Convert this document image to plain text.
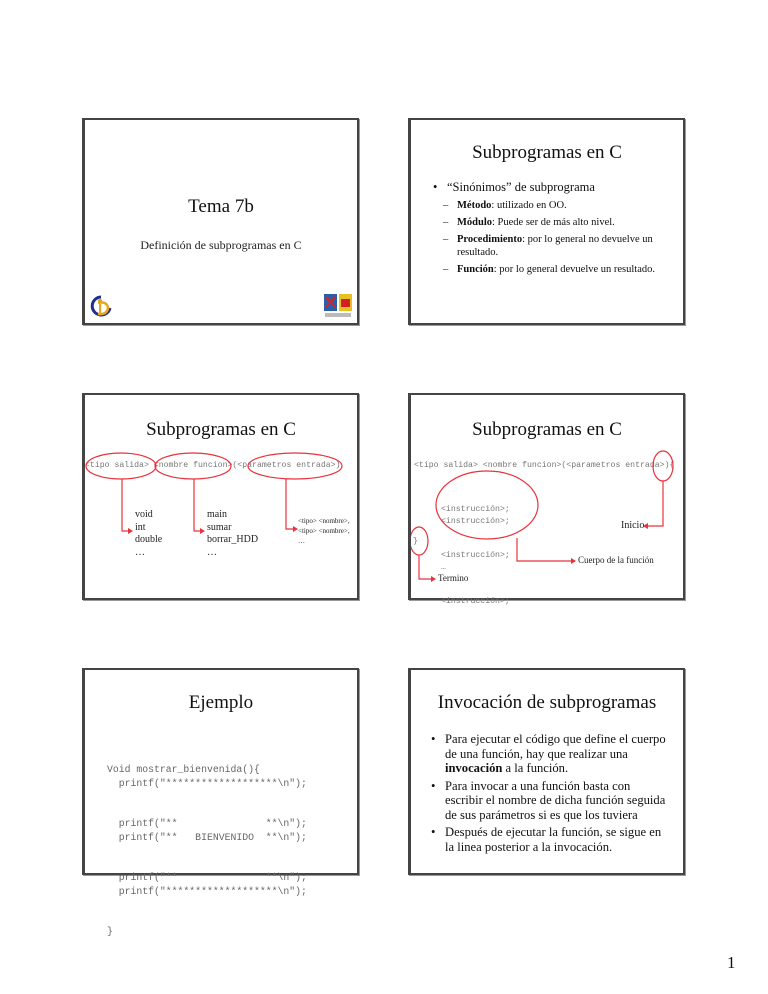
Tema 7b
Definición de subprogramas en C
Subprogramas en C
• “Sinónimos” de subprograma
– Método: utilizado en OO.
– Módulo: Puede ser de más alto nivel.
– Procedimiento: por lo general no devuelve un resultado.
– Función: por lo general devuelve un resultado.
Subprogramas en C
<tipo salida> <nombre funcion>(<parametros entrada>)
void
int
double
…
main
sumar
borrar_HDD
…
<tipo> <nombre>,
<tipo> <nombre>,
…
Subprogramas en C
<tipo salida> <nombre funcion>(<parametros entrada>){

<instrucción>;
<instrucción>;

<instrucción>;
…

<instrucción>;

}
Inicio
Cuerpo de la función
Termino
Ejemplo

Void mostrar_bienvenida(){
printf("*******************\n");

printf("**               **\n");
printf("**   BIENVENIDO  **\n");

printf("**               **\n");
printf("*******************\n");

}

Invocación de subprogramas
• Para ejecutar el código que define el cuerpo de una función, hay que realizar una invocación a la función.
• Para invocar a una función basta con escribir el nombre de dicha función seguida de sus parámetros si es que los tuviera
• Después de ejecutar la función, se sigue en la linea posterior a la invocación.
1
